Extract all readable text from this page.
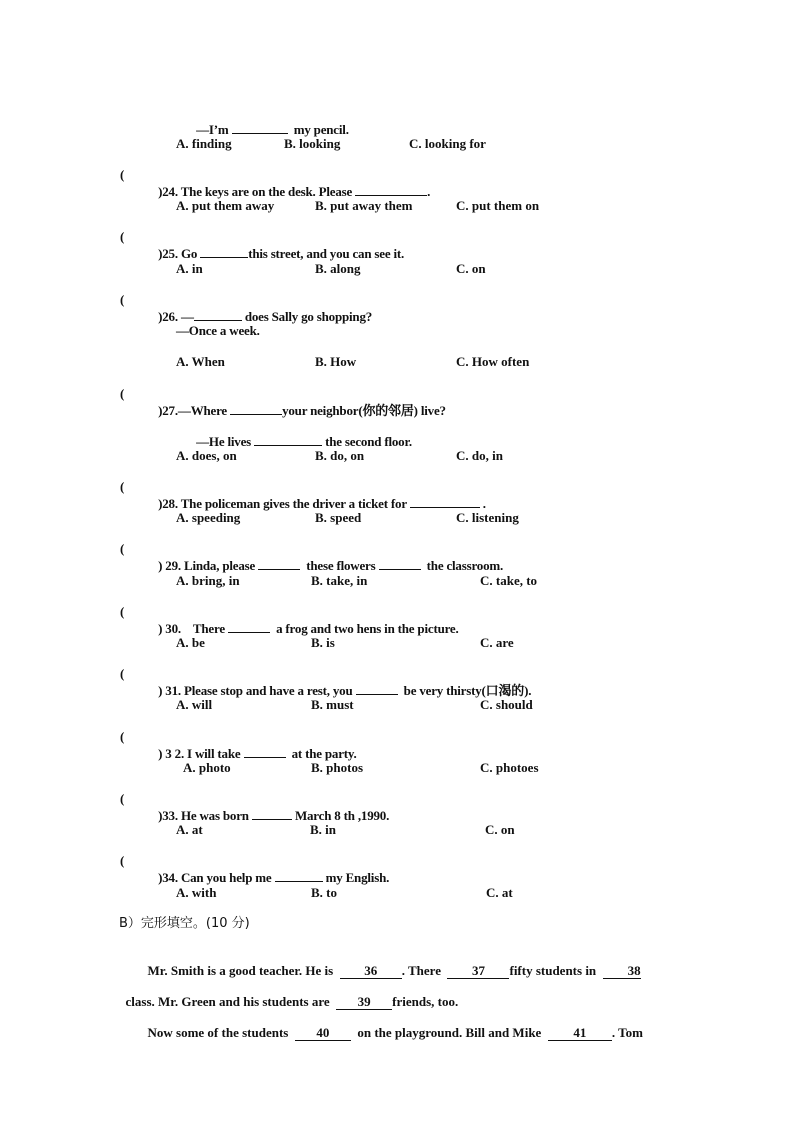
—I’m	my pencil.

A. finding	B. looking	C. looking for
(

)24. The keys are on the desk. Please	.

A. put them away	B. put away them	C. put them on
(

)25. Go	this street, and you can see it.

A. in	B. along	C. on
(

)26. —	does Sally go shopping?

—Once a week.
A. When	B. How	C. How often
(

)27.—Where	your neighbor(你的邻居) live?

—He lives	the second floor.

A. does, on	B. do, on	C. do, in
(

)28. The policeman gives the driver a ticket for	.

A. speeding	B. speed	C. listening
(

) 29. Linda, please	these flowers	the classroom.

A. bring, in	B. take, in	C. take, to
(

) 30. There	a frog and two hens in the picture.

A. be	B. is	C. are
(

) 31. Please stop and have a rest, you	be very thirsty(口渴的).

A. will	B. must	C. should
(

) 3 2. I will take	at the party.

A. photo	B. photos	C. photoes
(

)33. He was born	March 8 th ,1990.

A. at	B. in	C. on
(

)34. Can you help me	my English.

A. with	B. to	C. at
B）完形填空。(10 分)

Mr. Smith is a good teacher. He is 36 . There 37 fifty students in 38

class. Mr. Green and his students are 39 friends, too.

Now some of the students 40 on the playground. Bill and Mike 41 . Tom
